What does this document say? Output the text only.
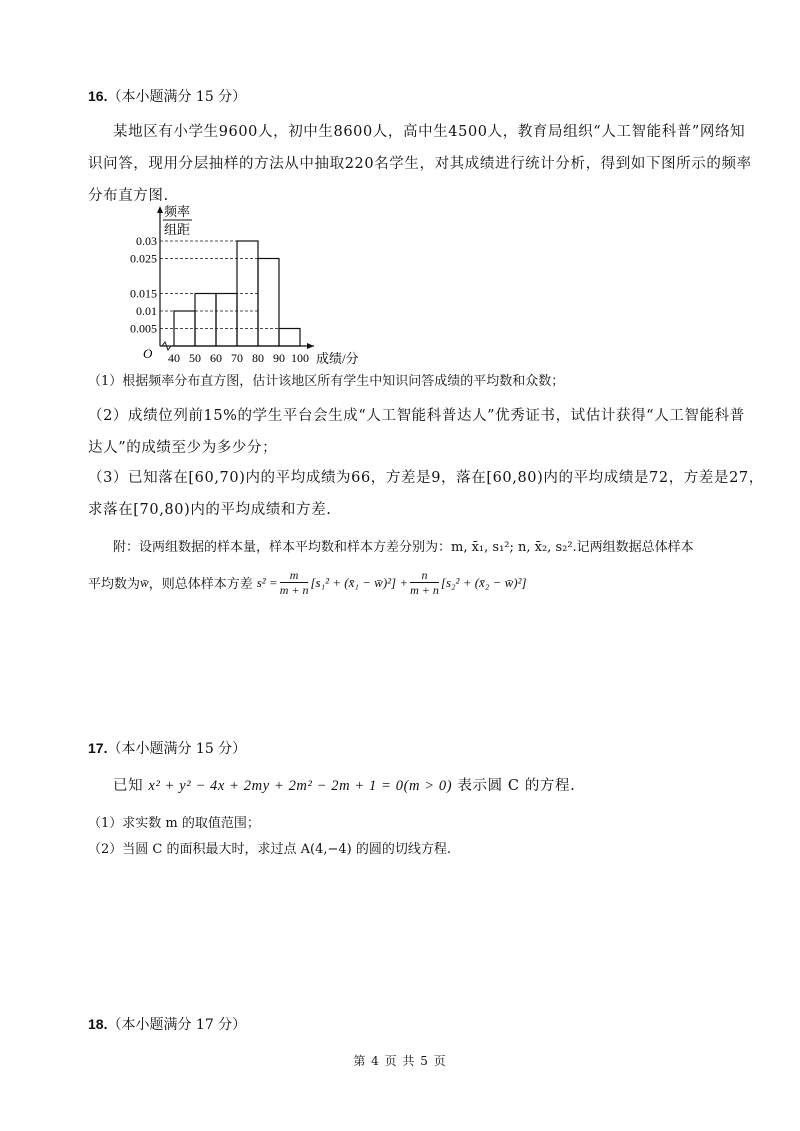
16.（本小题满分 15 分）
某地区有小学生9600人，初中生8600人，高中生4500人，教育局组织“人工智能科普”网络知
识问答，现用分层抽样的方法从中抽取220名学生，对其成绩进行统计分析，得到如下图所示的频率
分布直方图.
频率
组距
O
0.03
0.025
0.015
0.01
0.005
40 50 60 70 80 90 100 成绩/分
（1）根据频率分布直方图，估计该地区所有学生中知识问答成绩的平均数和众数；
（2）成绩位列前15%的学生平台会生成“人工智能科普达人”优秀证书，试估计获得“人工智能科普
达人”的成绩至少为多少分；
（3）已知落在[60,70)内的平均成绩为66，方差是9，落在[60,80)内的平均成绩是72，方差是27，
求落在[70,80)内的平均成绩和方差.
附：设两组数据的样本量，样本平均数和样本方差分别为：m, x̄₁, s₁²; n, x̄₂, s₂².记两组数据总体样本
平均数为 w̄ ，则总体样本方差 $s^2 = \frac{m}{m + n} [s_1^2$ + (x̄₁ − w̄)²] + $\frac{n}{m + n} [s_2^2$ + (x̄₂ − w̄)²]
17.（本小题满分 15 分）
已知 x² + y² − 4x + 2my + 2m² − 2m + 1 = 0(m > 0) 表示圆 C 的方程.
（1）求实数 m 的取值范围；
（2）当圆 C 的面积最大时，求过点 A(4,−4) 的圆的切线方程.
18.（本小题满分 17 分）
第 4 页 共 5 页
